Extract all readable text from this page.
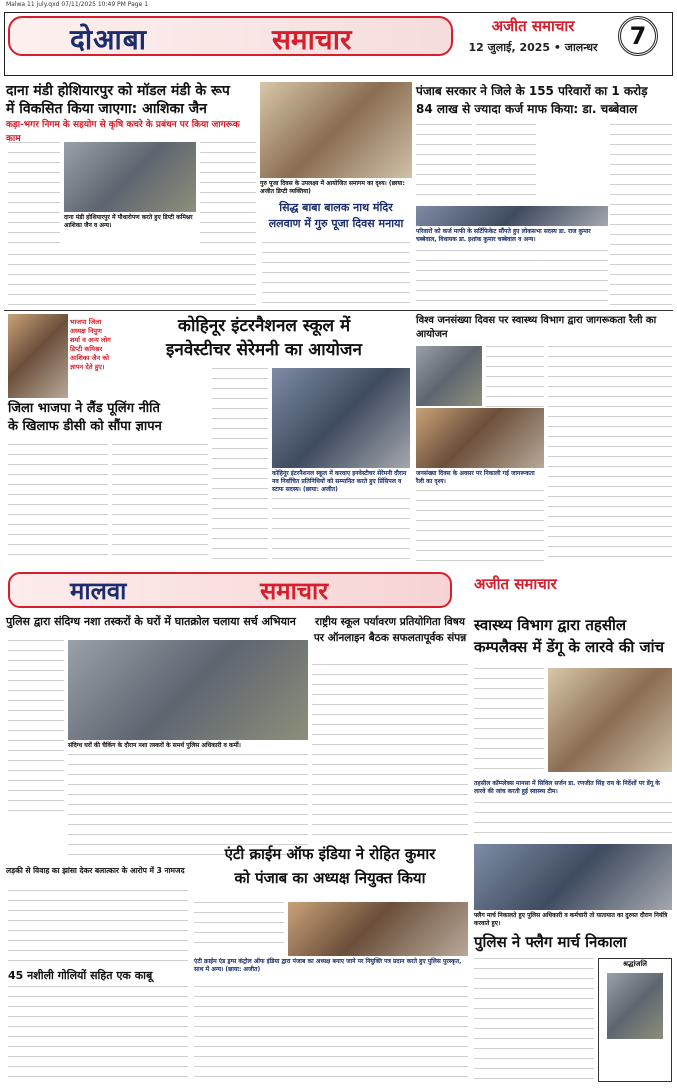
Malwa 11 july.qxd 07/11/2025 10:49 PM Page 1
दोआबा	समाचार	अजीत समाचार
12 जुलाई, 2025 • जालन्धर	7
दाना मंडी होशियारपुर को मॉडल मंडी के रूप
में विकसित किया जाएगा: आशिका जैन
कड़ा-भगर निगम के सहयोग से कृषि कचरे के प्रबंधन पर किया जागरूक काम
दाना मंडी होशियारपुर में पौधारोपण करते हुए डिप्टी कमिश्नर आशिका जैन व अन्य।
गुरु पूजा दिवस के उपलक्ष्य में आयोजित समागम का दृश्य। (छाया: अजीत डिप्टी व्यक्तिया)
सिद्ध बाबा बालक नाथ मंदिर
ललवाण में गुरु पूजा दिवस मनाया
पंजाब सरकार ने जिले के 155 परिवारों का 1 करोड़
84 लाख से ज्यादा कर्ज माफ किया: डा. चब्बेवाल
परिवारों को कर्ज माफी के सर्टिफिकेट सौंपते हुए लोकसभा सदस्य डा. राज कुमार चब्बेवाल, विधायक डा. इशांक कुमार चब्बेवाल व अन्य।
भाजपा जिला अध्यक्ष निपुण शर्मा व अन्य लोग डिप्टी कमिश्नर आशिका जैन को ज्ञापन देते हुए।
जिला भाजपा ने लैंड पूलिंग नीति
के खिलाफ डीसी को सौंपा ज्ञापन
कोहिनूर इंटरनैशनल स्कूल में
इनवेस्टीचर सेरेमनी का आयोजन
कोहिनूर इंटरनैशनल स्कूल में करवाए इनवेस्टीचर सेरेमनी दौरान नव निर्वाचित प्रतिनिधियों को सम्मानित करते हुए प्रिंसिपल व स्टाफ सदस्य। (छाया: अजीत)
विश्व जनसंख्या दिवस पर स्वास्थ्य विभाग द्वारा जागरूकता रैली का आयोजन
जनसंख्या दिवस के अवसर पर निकाली गई जागरूकता रैली का दृश्य।
मालवा	समाचार	अजीत समाचार
पुलिस द्वारा संदिग्ध नशा तस्करों के घरों में घातक्रोल चलाया सर्च अभियान
संदिग्ध घरों की चैकिंग के दौरान नशा तस्करों के समर्थ पुलिस अधिकारी व कर्मी।
राष्ट्रीय स्कूल पर्यावरण प्रतियोगिता विषय
पर ऑनलाइन बैठक सफलतापूर्वक संपन्न
स्वास्थ्य विभाग द्वारा तहसील
कम्पलैक्स में डेंगू के लारवे की जांच
तहसील कॉम्प्लेक्स मानसा में सिविल सर्जन डा. रणजीत सिंह राय के निर्देशों पर डेंगू के लारवे की जांच करती हुई स्वास्थ्य टीम।
लड़की से विवाह का झांसा देकर बलात्कार के आरोप में 3 नामजद
45 नशीली गोलियों सहित एक काबू
एंटी क्राईम ऑफ इंडिया ने रोहित कुमार
को पंजाब का अध्यक्ष नियुक्त किया
एंटी क्राईम एंड ड्रग्स कंट्रोल ऑफ इंडिया द्वारा पंजाब का अध्यक्ष बनाए जाने पर नियुक्ति पत्र प्रदान करते हुए पुलिस पुरस्कृत, साथ में अन्य। (छाया: अजीत)
फ्लैग मार्च निकालते हुए पुलिस अधिकारी व कर्मचारी तो यातायात का दुरुस्त दौरान नियंत्रि करवाते हुए।
पुलिस ने फ्लैग मार्च निकाला
श्रद्धांजलि
